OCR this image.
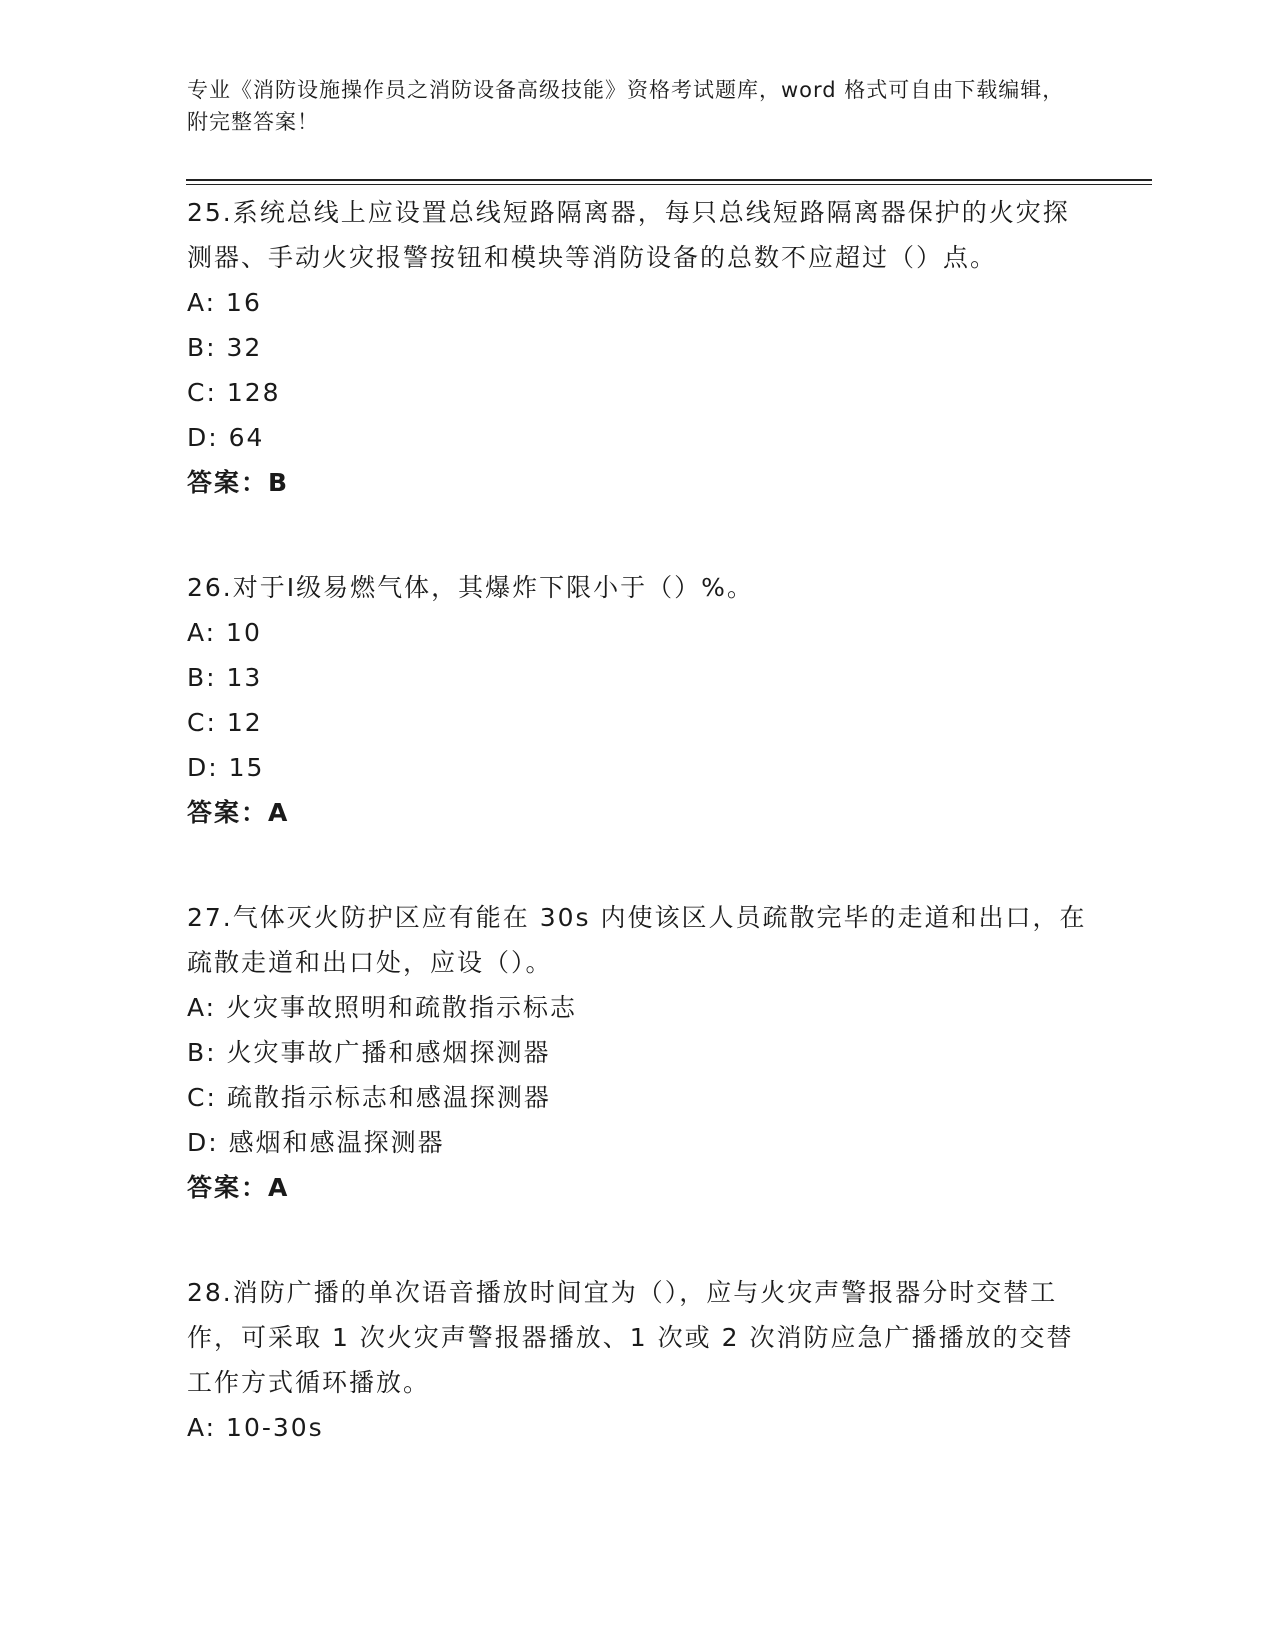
专业《消防设施操作员之消防设备高级技能》资格考试题库，word 格式可自由下载编辑，附完整答案！

25.系统总线上应设置总线短路隔离器，每只总线短路隔离器保护的火灾探测器、手动火灾报警按钮和模块等消防设备的总数不应超过（）点。

A: 16

B: 32

C: 128

D: 64

答案：B

26.对于Ⅰ级易燃气体，其爆炸下限小于（）%。

A: 10

B: 13

C: 12

D: 15

答案：A

27.气体灭火防护区应有能在 30s 内使该区人员疏散完毕的走道和出口，在疏散走道和出口处，应设（）。

A: 火灾事故照明和疏散指示标志

B: 火灾事故广播和感烟探测器

C: 疏散指示标志和感温探测器

D: 感烟和感温探测器

答案：A

28.消防广播的单次语音播放时间宜为（），应与火灾声警报器分时交替工作，可采取 1 次火灾声警报器播放、1 次或 2 次消防应急广播播放的交替工作方式循环播放。

A: 10-30s
